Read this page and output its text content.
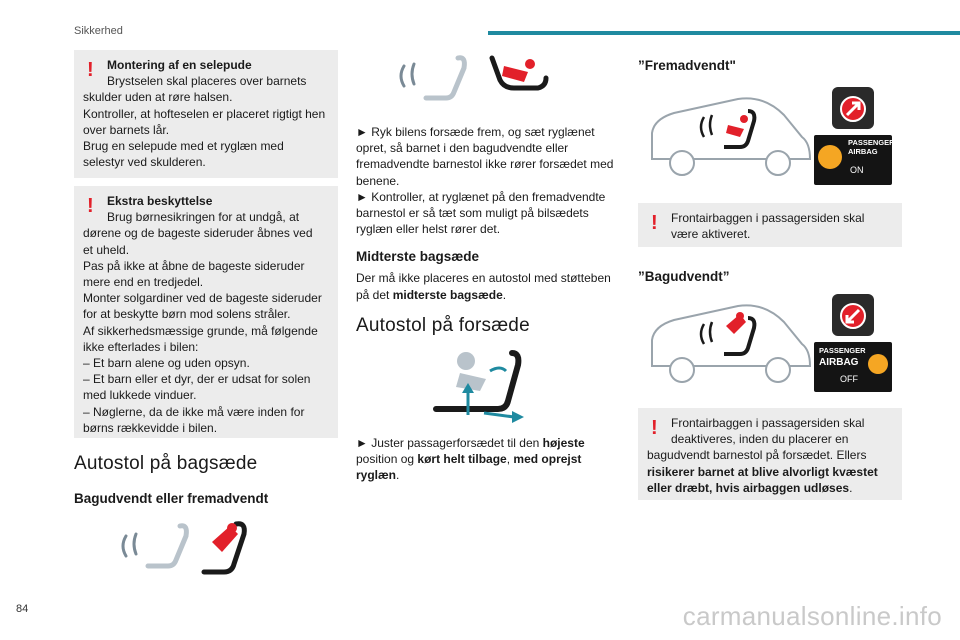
Sikkerhed
!	Montering af en selepude
Brystselen skal placeres over barnets
skulder uden at røre halsen.
Kontroller, at hofteselen er placeret rigtigt hen
over barnets lår.
Brug en selepude med et ryglæn med
selestyr ved skulderen.
!	Ekstra beskyttelse
Brug børnesikringen for at undgå, at
dørene og de bageste sideruder åbnes ved
et uheld.
Pas på ikke at åbne de bageste sideruder
mere end en tredjedel.
Monter solgardiner ved de bageste sideruder
for at beskytte børn mod solens stråler.
Af sikkerhedsmæssige grunde, må følgende
ikke efterlades i bilen:
– Et barn alene og uden opsyn.
– Et barn eller et dyr, der er udsat for solen
med lukkede vinduer.
– Nøglerne, da de ikke må være inden for
børns rækkevidde i bilen.
Autostol på bagsæde
Bagudvendt eller fremadvendt
► Ryk bilens forsæde frem, og sæt ryglænet
opret, så barnet i den bagudvendte eller
fremadvendte barnestol ikke rører forsædet med
benene.
► Kontroller, at ryglænet på den fremadvendte
barnestol er så tæt som muligt på bilsædets
ryglæn eller helst rører det.
Midterste bagsæde
Der må ikke placeres en autostol med støtteben
på det midterste bagsæde.
Autostol på forsæde
► Juster passagerforsædet til den højeste
position og kørt helt tilbage, med oprejst
ryglæn.
”Fremadvendt"
PASSENGER
AIRBAG
ON
!	Frontairbaggen i passagersiden skal
være aktiveret.
”Bagudvendt”
PASSENGER
AIRBAG
OFF
!	Frontairbaggen i passagersiden skal
deaktiveres, inden du placerer en
bagudvendt barnestol på forsædet. Ellers
risikerer barnet at blive alvorligt kvæstet
eller dræbt, hvis airbaggen udløses.
84	carmanualsonline.info
